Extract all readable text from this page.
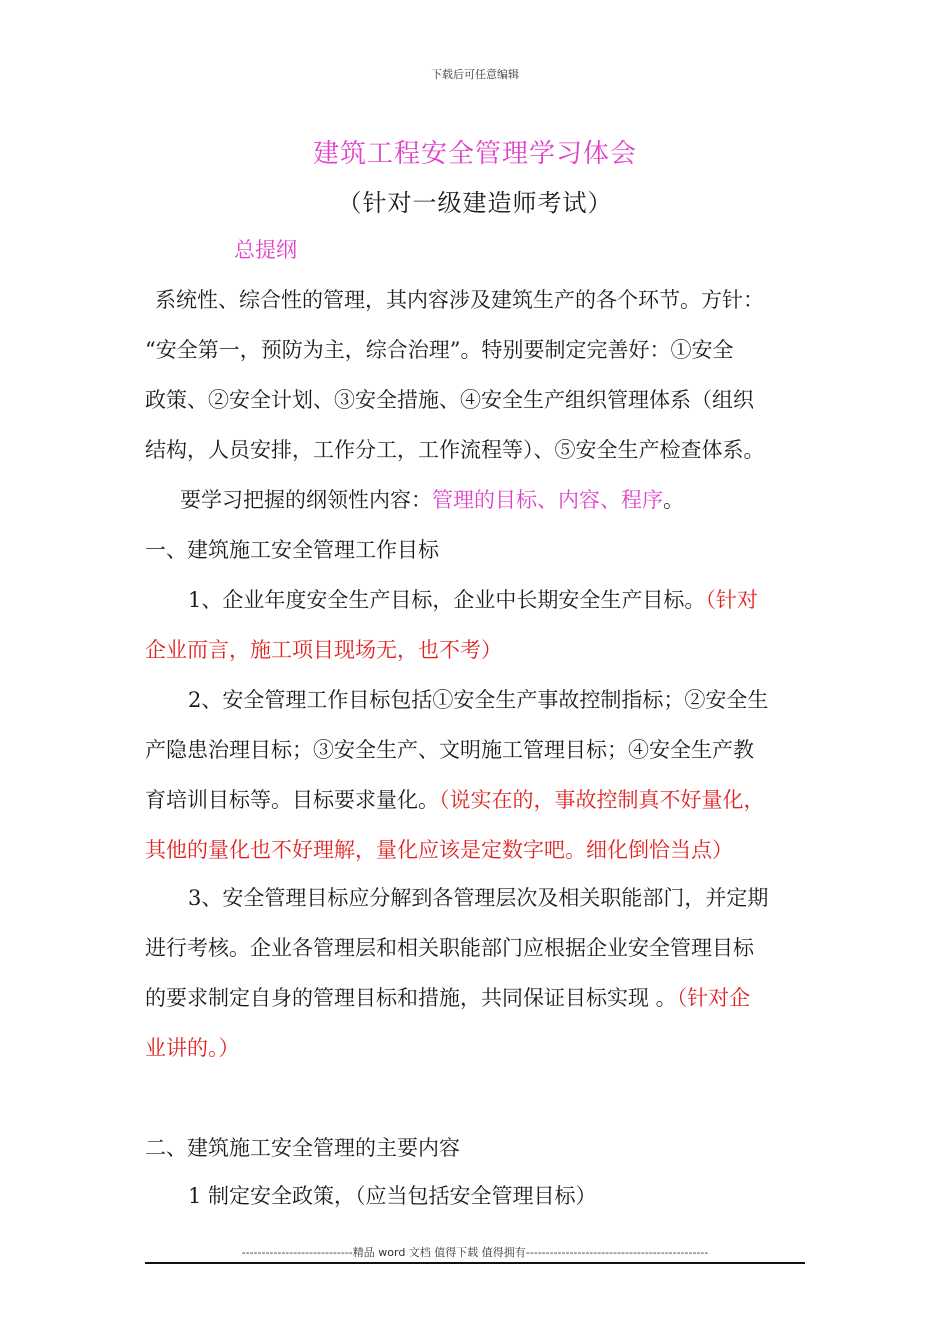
下载后可任意编辑
建筑工程安全管理学习体会
（针对一级建造师考试）
总提纲
系统性、综合性的管理，其内容涉及建筑生产的各个环节。方针：
“安全第一，预防为主，综合治理”。特别要制定完善好：①安全
政策、②安全计划、③安全措施、④安全生产组织管理体系（组织
结构，人员安排，工作分工，工作流程等）、⑤安全生产检查体系。
要学习把握的纲领性内容：管理的目标、内容、程序。
一、建筑施工安全管理工作目标
1、企业年度安全生产目标，企业中长期安全生产目标。（针对
企业而言，施工项目现场无，也不考）
2、安全管理工作目标包括①安全生产事故控制指标；②安全生
产隐患治理目标；③安全生产、文明施工管理目标；④安全生产教
育培训目标等。目标要求量化。（说实在的，事故控制真不好量化，
其他的量化也不好理解，量化应该是定数字吧。细化倒恰当点）
3、安全管理目标应分解到各管理层次及相关职能部门，并定期
进行考核。企业各管理层和相关职能部门应根据企业安全管理目标
的要求制定自身的管理目标和措施，共同保证目标实现 。（针对企
业讲的。）
二、建筑施工安全管理的主要内容
1 制定安全政策，（应当包括安全管理目标）
----------------------------精品 word 文档 值得下载 值得拥有----------------------------------------------
